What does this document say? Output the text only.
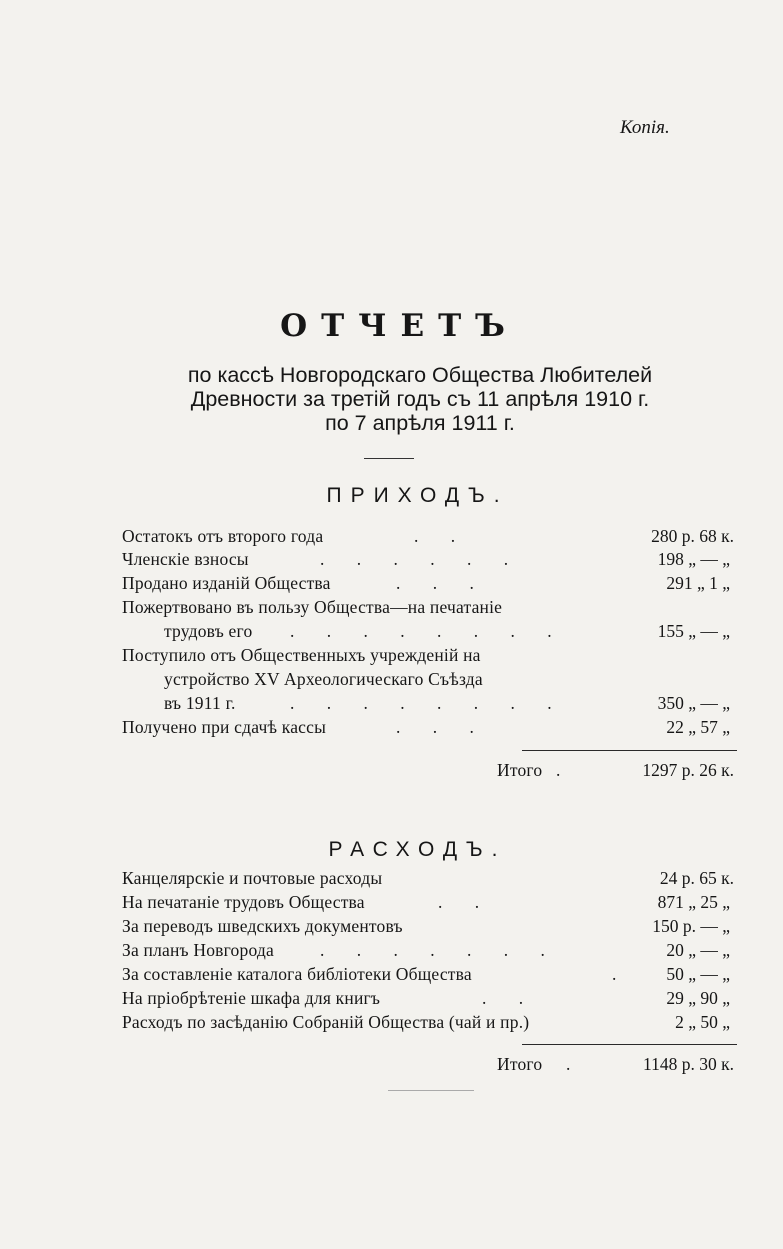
Копія.
ОТЧЕТЪ
по кассѣ Новгородскаго Общества Любителей
Древности за третій годъ съ 11 апрѣля 1910 г.
по 7 апрѣля 1911 г.
ПРИХОДЪ.
Остатокъ отъ второго года	. .	280 р. 68 к.
Членскіе взносы	. . . . . .	198 „ — „
Продано изданій Общества	. . .	291 „ 1 „
Пожертвовано въ пользу Общества—на печатаніе
трудовъ его . . . . . . . .	155 „ — „
Поступило отъ Общественныхъ учрежденій на
устройство XV Археологическаго Съѣзда
въ 1911 г.	. . . . . . . .	350 „ — „
Получено при сдачѣ кассы	. . .	22 „ 57 „
Итого .	1297 р. 26 к.
РАСХОДЪ.
Канцелярскіе и почтовые расходы	24 р. 65 к.
На печатаніе трудовъ Общества	. .	871 „ 25 „
За переводъ шведскихъ документовъ	150 р. — „
За планъ Новгорода	. . . . . . .	20 „ — „
За составленіе каталога библіотеки Общества	. 50 „ — „
На пріобрѣтеніе шкафа для книгъ	. .	29 „ 90 „
Расходъ по засѣданію Собраній Общества (чай и пр.)	2 „ 50 „
Итого .	1148 р. 30 к.
